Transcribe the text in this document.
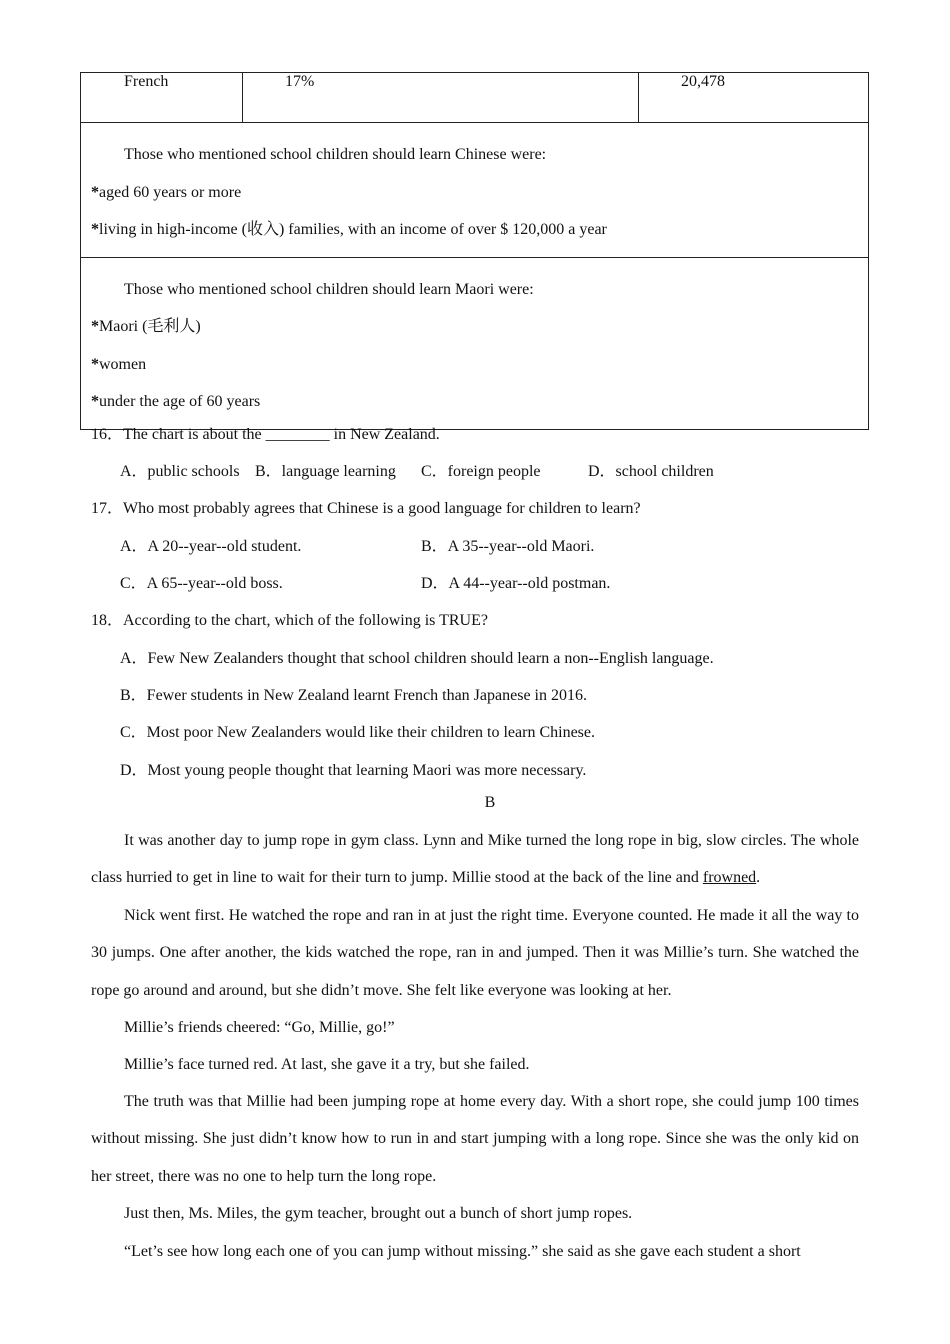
French	17%	20,478

Those who mentioned school children should learn Chinese were:

*aged 60 years or more

*living in high-income (收入) families, with an income of over $ 120,000 a year

Those who mentioned school children should learn Maori were:

*Maori (毛利人)

*women

*under the age of 60 years

16．The chart is about the ________ in New Zealand.

A．public schools B．language learning C．foreign people	D．school children

17．Who most probably agrees that Chinese is a good language for children to learn?

A．A 20--year--old student.	B．A 35--year--old Maori.

C．A 65--year--old boss.	D．A 44--year--old postman.

18．According to the chart, which of the following is TRUE?

A．Few New Zealanders thought that school children should learn a non--English language.

B．Fewer students in New Zealand learnt French than Japanese in 2016.

C．Most poor New Zealanders would like their children to learn Chinese.

D．Most young people thought that learning Maori was more necessary.

B

It was another day to jump rope in gym class. Lynn and Mike turned the long rope in big, slow circles. The whole class hurried to get in line to wait for their turn to jump. Millie stood at the back of the line and frowned.

Nick went first. He watched the rope and ran in at just the right time. Everyone counted. He made it all the way to 30 jumps. One after another, the kids watched the rope, ran in and jumped. Then it was Millie’s turn. She watched the rope go around and around, but she didn’t move. She felt like everyone was looking at her.

Millie’s friends cheered: “Go, Millie, go!”

Millie’s face turned red. At last, she gave it a try, but she failed.

The truth was that Millie had been jumping rope at home every day. With a short rope, she could jump 100 times without missing. She just didn’t know how to run in and start jumping with a long rope. Since she was the only kid on her street, there was no one to help turn the long rope.

Just then, Ms. Miles, the gym teacher, brought out a bunch of short jump ropes.

“Let’s see how long each one of you can jump without missing.” she said as she gave each student a short
